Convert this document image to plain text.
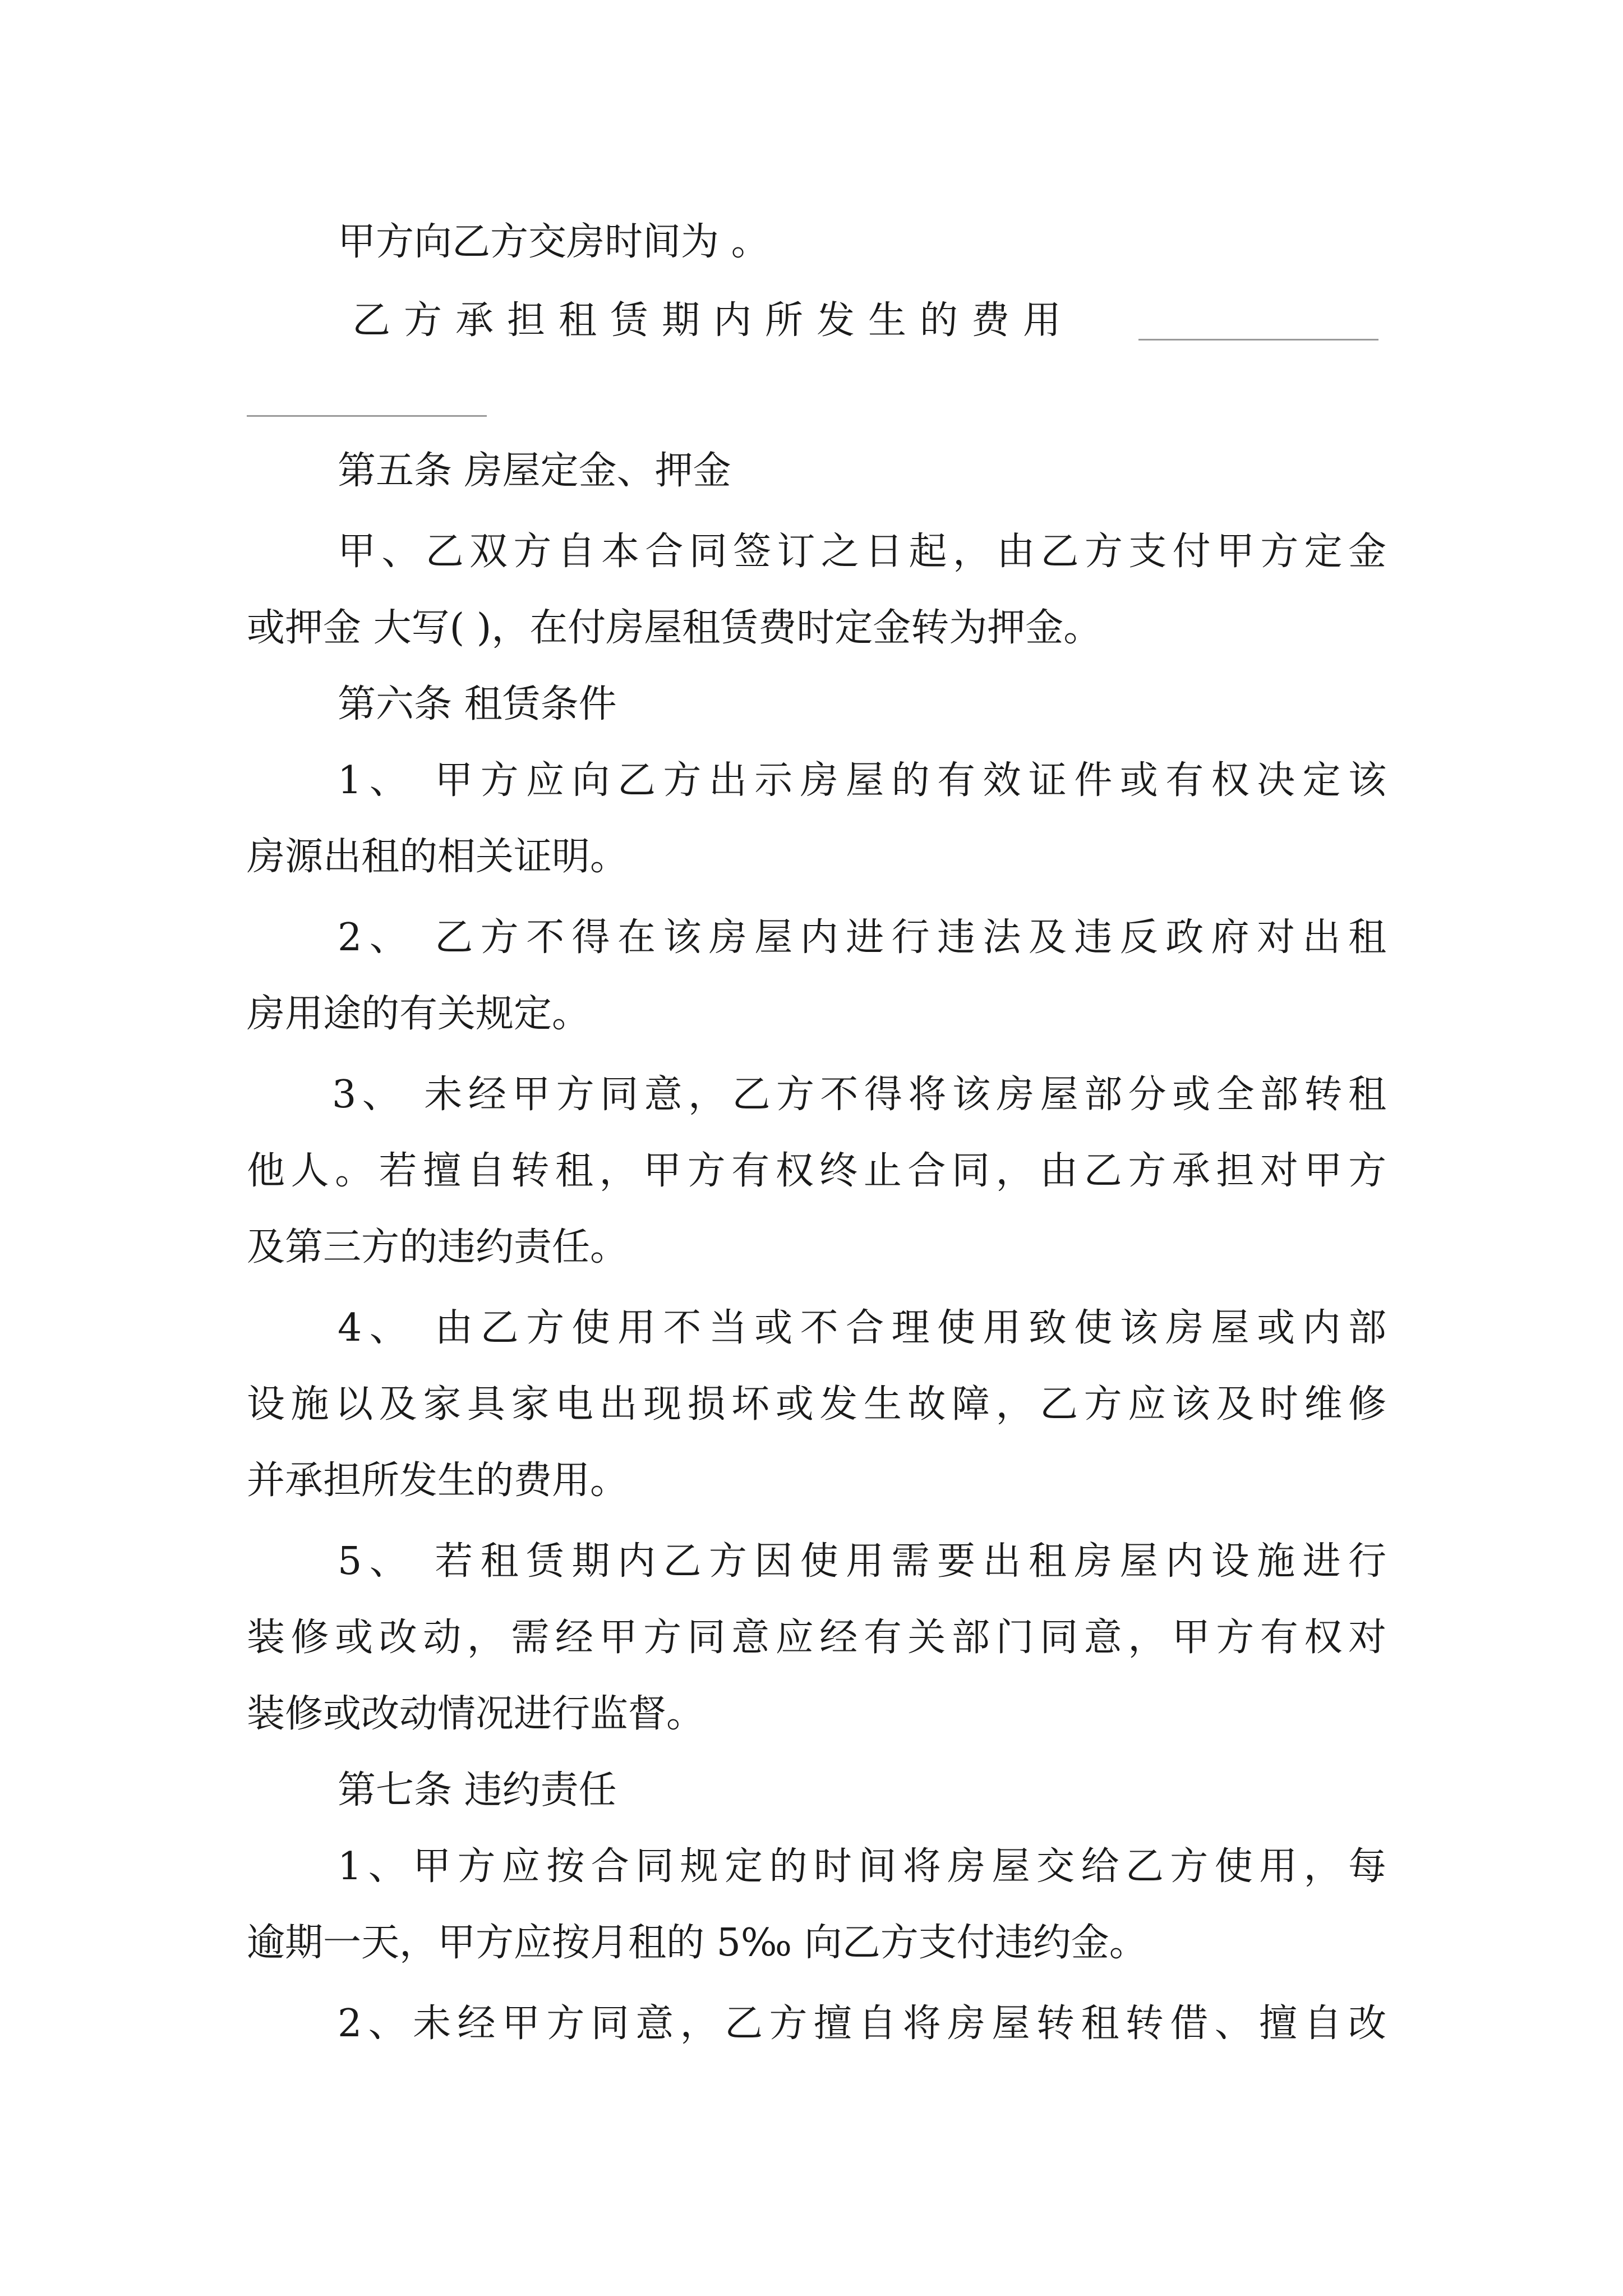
甲方向乙方交房时间为 。
乙方承担租赁期内所发生的费用
第五条 房屋定金、押金
甲、乙双方自本合同签订之日起，由乙方支付甲方定金
或押金 大写( )，在付房屋租赁费时定金转为押金。
第六条 租赁条件
1、 甲方应向乙方出示房屋的有效证件或有权决定该
房源出租的相关证明。
2、 乙方不得在该房屋内进行违法及违反政府对出租
房用途的有关规定。
3、 未经甲方同意，乙方不得将该房屋部分或全部转租
他人。若擅自转租，甲方有权终止合同，由乙方承担对甲方
及第三方的违约责任。
4、 由乙方使用不当或不合理使用致使该房屋或内部
设施以及家具家电出现损坏或发生故障，乙方应该及时维修
并承担所发生的费用。
5、 若租赁期内乙方因使用需要出租房屋内设施进行
装修或改动，需经甲方同意应经有关部门同意，甲方有权对
装修或改动情况进行监督。
第七条 违约责任
1、甲方应按合同规定的时间将房屋交给乙方使用，每
逾期一天，甲方应按月租的 5‰ 向乙方支付违约金。
2、未经甲方同意，乙方擅自将房屋转租转借、擅自改
